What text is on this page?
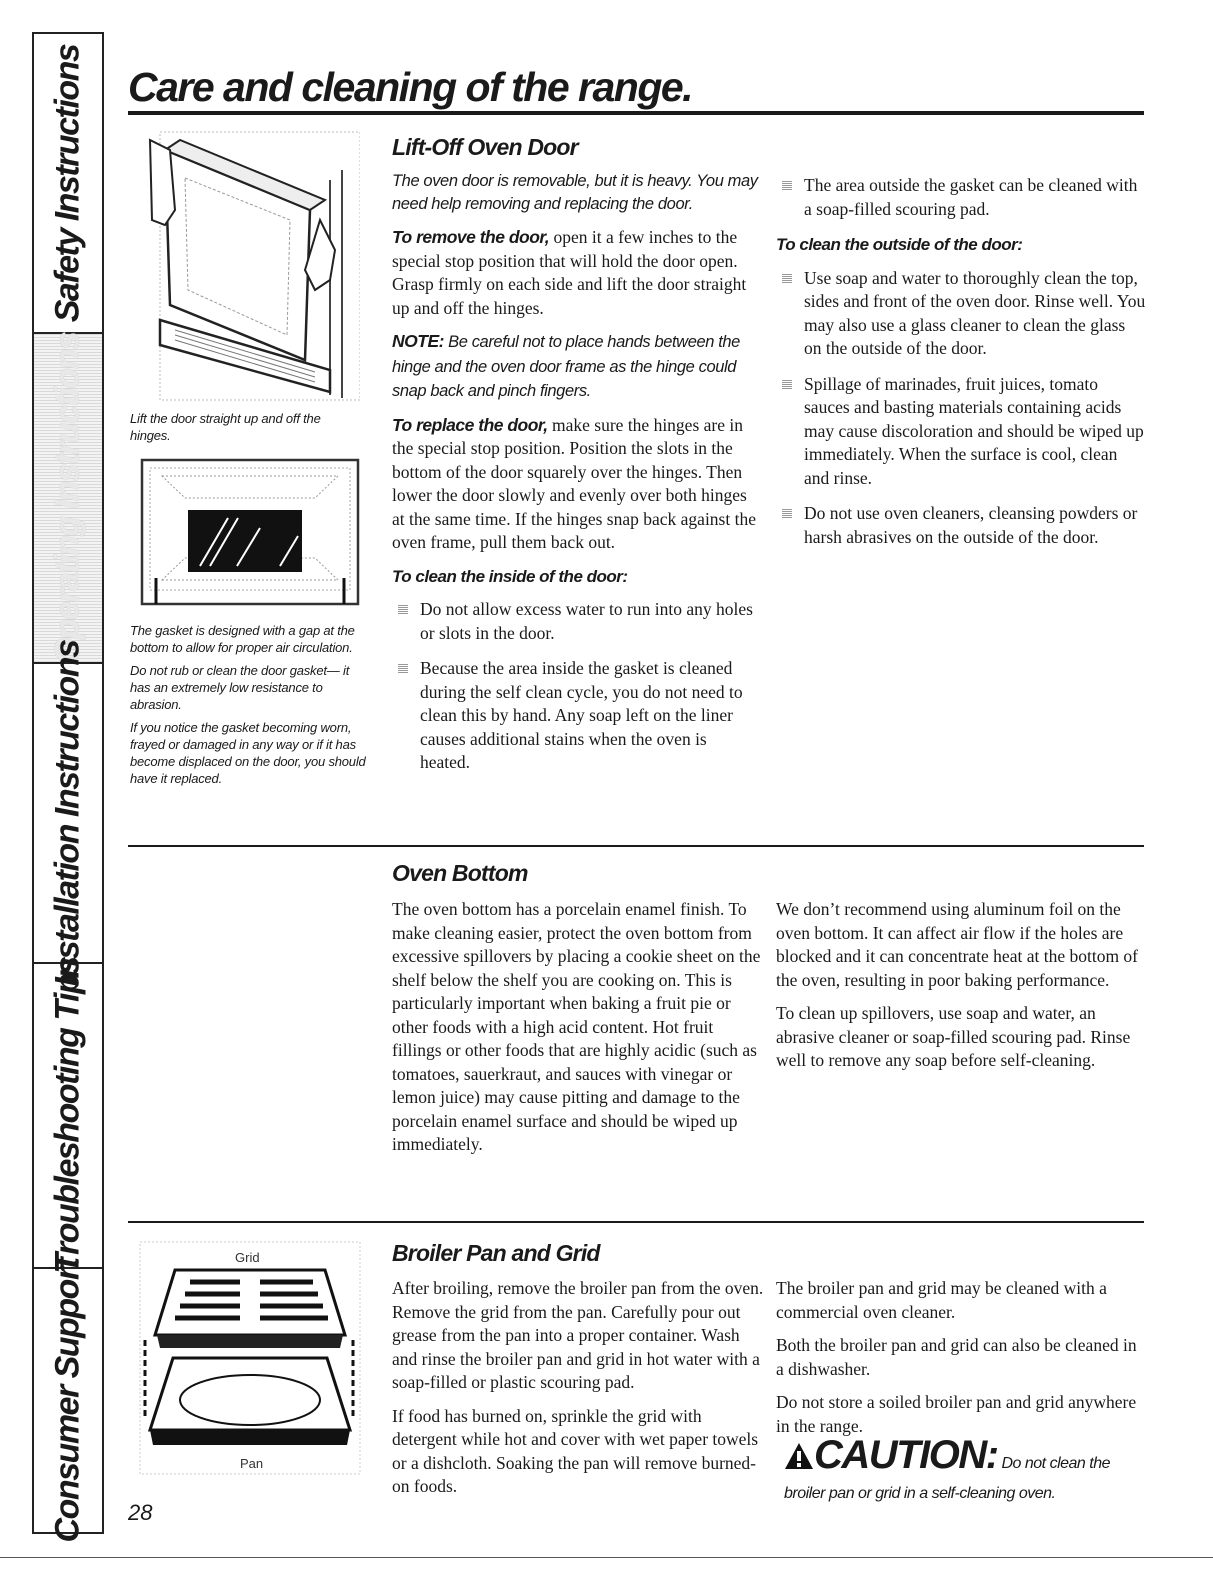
Safety Instructions
Operating Instructions
Installation Instructions
Troubleshooting Tips
Consumer Support
Care and cleaning of the range.
Lift the door straight up and off the hinges.

The gasket is designed with a gap at the bottom to allow for proper air circulation.

Do not rub or clean the door gasket— it has an extremely low resistance to abrasion.

If you notice the gasket becoming worn, frayed or damaged in any way or if it has become displaced on the door, you should have it replaced.

Lift-Off Oven Door

The oven door is removable, but it is heavy. You may need help removing and replacing the door.

To remove the door, open it a few inches to the special stop position that will hold the door open. Grasp firmly on each side and lift the door straight up and off the hinges.

NOTE: Be careful not to place hands between the hinge and the oven door frame as the hinge could snap back and pinch fingers.

To replace the door, make sure the hinges are in the special stop position. Position the slots in the bottom of the door squarely over the hinges. Then lower the door slowly and evenly over both hinges at the same time. If the hinges snap back against the oven frame, pull them back out.

To clean the inside of the door:

Do not allow excess water to run into any holes or slots in the door.
Because the area inside the gasket is cleaned during the self clean cycle, you do not need to clean this by hand. Any soap left on the liner causes additional stains when the oven is heated.
The area outside the gasket can be cleaned with a soap-filled scouring pad.

To clean the outside of the door:

Use soap and water to thoroughly clean the top, sides and front of the oven door. Rinse well. You may also use a glass cleaner to clean the glass on the outside of the door.
Spillage of marinades, fruit juices, tomato sauces and basting materials containing acids may cause discoloration and should be wiped up immediately. When the surface is cool, clean and rinse.
Do not use oven cleaners, cleansing powders or harsh abrasives on the outside of the door.
Oven Bottom

The oven bottom has a porcelain enamel finish. To make cleaning easier, protect the oven bottom from excessive spillovers by placing a cookie sheet on the shelf below the shelf you are cooking on. This is particularly important when baking a fruit pie or other foods with a high acid content. Hot fruit fillings or other foods that are highly acidic (such as tomatoes, sauerkraut, and sauces with vinegar or lemon juice) may cause pitting and damage to the porcelain enamel surface and should be wiped up immediately.

We don’t recommend using aluminum foil on the oven bottom. It can affect air flow if the holes are blocked and it can concentrate heat at the bottom of the oven, resulting in poor baking performance.

To clean up spillovers, use soap and water, an abrasive cleaner or soap-filled scouring pad. Rinse well to remove any soap before self-cleaning.

Grid
Pan
Broiler Pan and Grid

After broiling, remove the broiler pan from the oven. Remove the grid from the pan. Carefully pour out grease from the pan into a proper container. Wash and rinse the broiler pan and grid in hot water with a soap-filled or plastic scouring pad.

If food has burned on, sprinkle the grid with detergent while hot and cover with wet paper towels or a dishcloth. Soaking the pan will remove burned-on foods.

The broiler pan and grid may be cleaned with a commercial oven cleaner.

Both the broiler pan and grid can also be cleaned in a dishwasher.

Do not store a soiled broiler pan and grid anywhere in the range.

CAUTION: Do not clean the broiler pan or grid in a self-cleaning oven.
28
